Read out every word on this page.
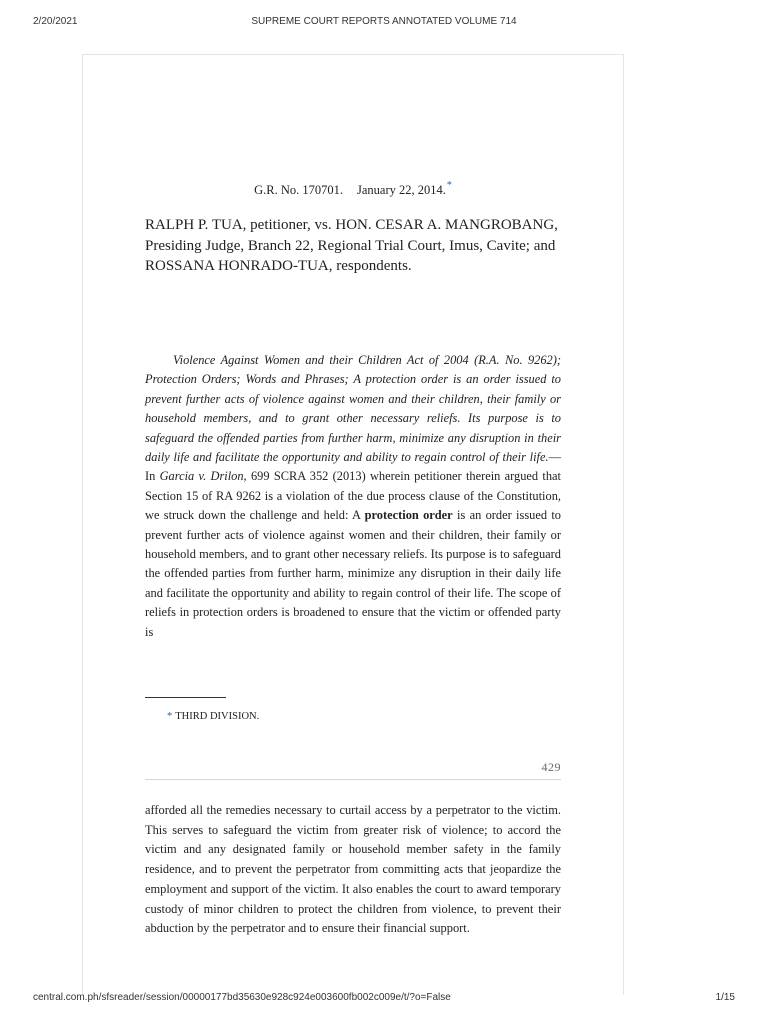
2/20/2021	SUPREME COURT REPORTS ANNOTATED VOLUME 714
G.R. No. 170701. January 22, 2014.*
RALPH P. TUA, petitioner, vs. HON. CESAR A. MANGROBANG,
Presiding Judge, Branch 22, Regional Trial Court, Imus, Cavite; and
ROSSANA HONRADO-TUA, respondents.

Violence Against Women and their Children Act of 2004 (R.A. No. 9262); Protection Orders; Words and Phrases; A protection order is an order issued to prevent further acts of violence against women and their children, their family or household members, and to grant other necessary reliefs. Its purpose is to safeguard the offended parties from further harm, minimize any disruption in their daily life and facilitate the opportunity and ability to regain control of their life.—In Garcia v. Drilon, 699 SCRA 352 (2013) wherein petitioner therein argued that Section 15 of RA 9262 is a violation of the due process clause of the Constitution, we struck down the challenge and held: A protection order is an order issued to prevent further acts of violence against women and their children, their family or household members, and to grant other necessary reliefs. Its purpose is to safeguard the offended parties from further harm, minimize any disruption in their daily life and facilitate the opportunity and ability to regain control of their life. The scope of reliefs in protection orders is broadened to ensure that the victim or offended party is

* THIRD DIVISION.
429

afforded all the remedies necessary to curtail access by a perpetrator to the victim. This serves to safeguard the victim from greater risk of violence; to accord the victim and any designated family or household member safety in the family residence, and to prevent the perpetrator from committing acts that jeopardize the employment and support of the victim. It also enables the court to award temporary custody of minor children to protect the children from violence, to prevent their abduction by the perpetrator and to ensure their financial support.

central.com.ph/sfsreader/session/00000177bd35630e928c924e003600fb002c009e/t/?o=False	1/15
